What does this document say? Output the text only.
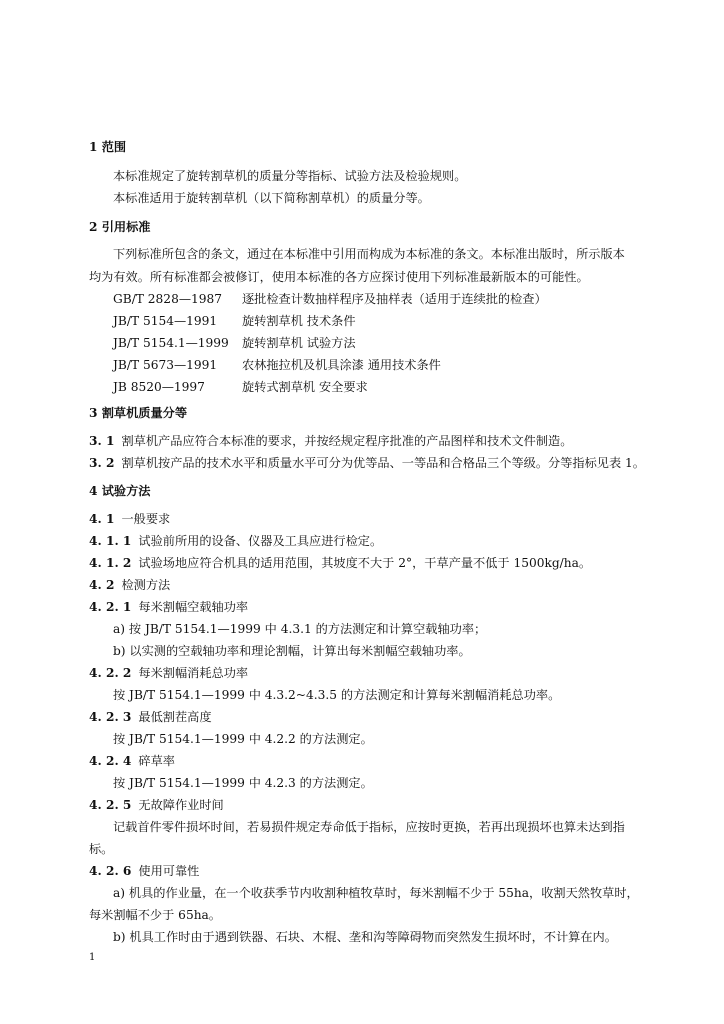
1 范围
本标准规定了旋转割草机的质量分等指标、试验方法及检验规则。
本标准适用于旋转割草机（以下简称割草机）的质量分等。
2 引用标准
下列标准所包含的条文，通过在本标准中引用而构成为本标准的条文。本标准出版时，所示版本
均为有效。所有标准都会被修订，使用本标准的各方应探讨使用下列标准最新版本的可能性。
GB/T 2828—1987 逐批检查计数抽样程序及抽样表（适用于连续批的检查）
JB/T 5154—1991 旋转割草机 技术条件
JB/T 5154.1—1999 旋转割草机 试验方法
JB/T 5673—1991 农林拖拉机及机具涂漆 通用技术条件
JB 8520—1997	旋转式割草机 安全要求
3 割草机质量分等
3. 1 割草机产品应符合本标准的要求，并按经规定程序批准的产品图样和技术文件制造。
3. 2 割草机按产品的技术水平和质量水平可分为优等品、一等品和合格品三个等级。分等指标见表 1。
4 试验方法
4. 1 一般要求
4. 1. 1 试验前所用的设备、仪器及工具应进行检定。
4. 1. 2 试验场地应符合机具的适用范围，其坡度不大于 2°，干草产量不低于 1500kg/ha。
4. 2 检测方法
4. 2. 1 每米割幅空载轴功率
a) 按 JB/T 5154.1—1999 中 4.3.1 的方法测定和计算空载轴功率；
b) 以实测的空载轴功率和理论割幅，计算出每米割幅空载轴功率。
4. 2. 2 每米割幅消耗总功率
按 JB/T 5154.1—1999 中 4.3.2~4.3.5 的方法测定和计算每米割幅消耗总功率。
4. 2. 3 最低割茬高度
按 JB/T 5154.1—1999 中 4.2.2 的方法测定。
4. 2. 4 碎草率
按 JB/T 5154.1—1999 中 4.2.3 的方法测定。
4. 2. 5 无故障作业时间
记载首件零件损坏时间，若易损件规定寿命低于指标，应按时更换，若再出现损坏也算未达到指
标。
4. 2. 6 使用可靠性
a) 机具的作业量，在一个收获季节内收割种植牧草时，每米割幅不少于 55ha，收割天然牧草时，
每米割幅不少于 65ha。
b) 机具工作时由于遇到铁器、石块、木棍、垄和沟等障碍物而突然发生损坏时，不计算在内。
1
